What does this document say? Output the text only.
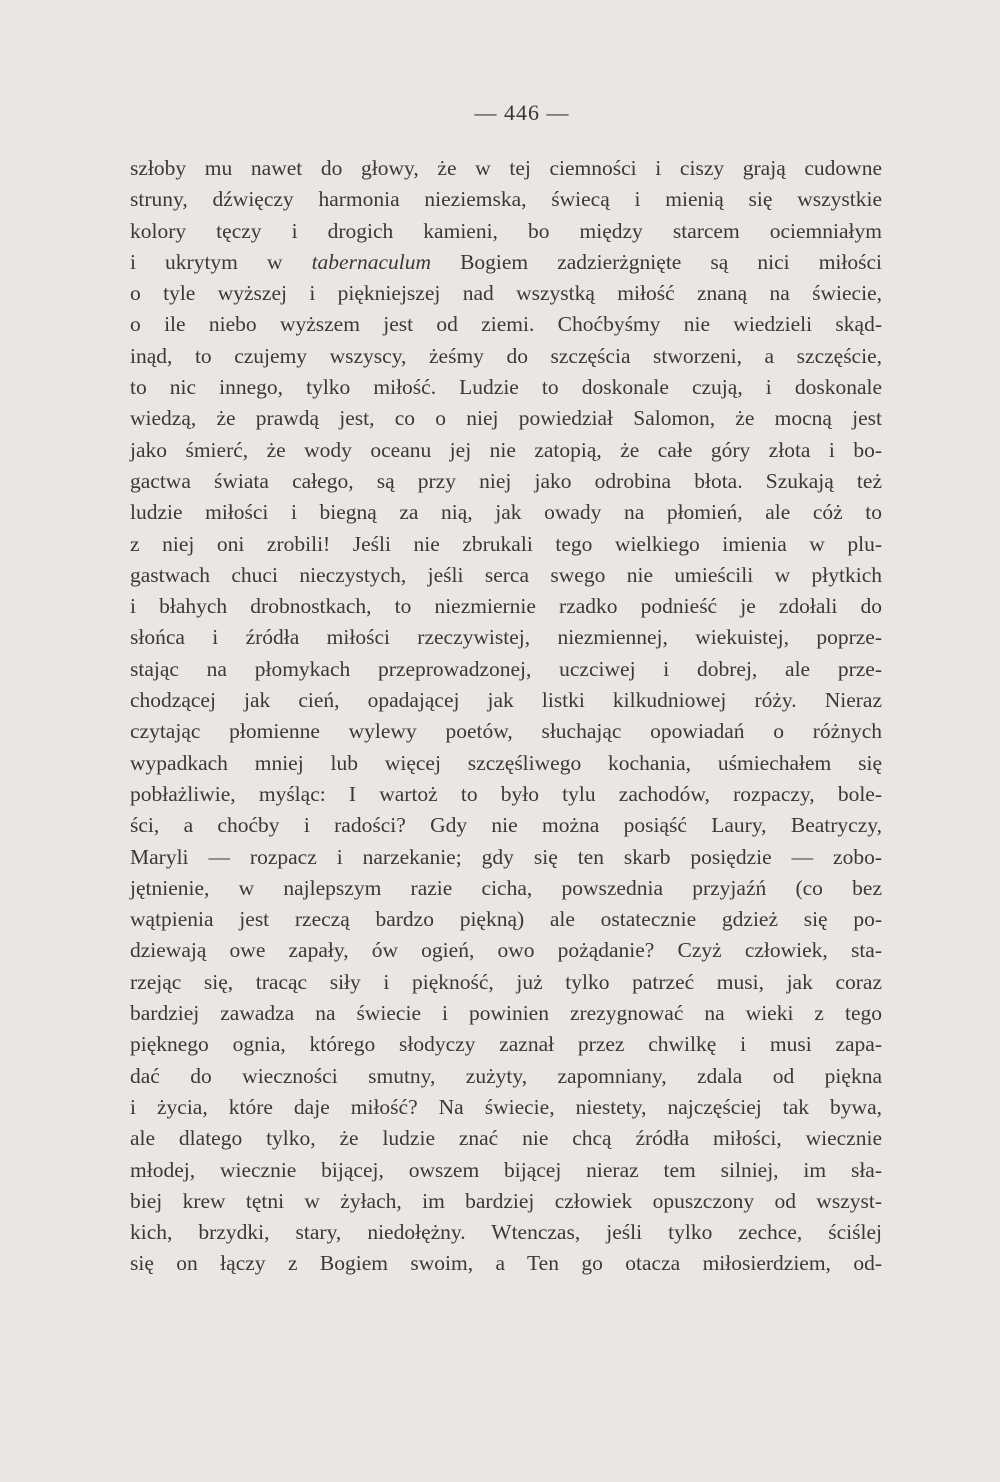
— 446 —
szłoby mu nawet do głowy, że w tej ciemności i ciszy grają cudowne
struny, dźwięczy harmonia nieziemska, świecą i mienią się wszystkie
kolory tęczy i drogich kamieni, bo między starcem ociemniałym
i ukrytym w tabernaculum Bogiem zadzierżgnięte są nici miłości
o tyle wyższej i piękniejszej nad wszystką miłość znaną na świecie,
o ile niebo wyższem jest od ziemi. Choćbyśmy nie wiedzieli skąd-
inąd, to czujemy wszyscy, żeśmy do szczęścia stworzeni, a szczęście,
to nic innego, tylko miłość. Ludzie to doskonale czują, i doskonale
wiedzą, że prawdą jest, co o niej powiedział Salomon, że mocną jest
jako śmierć, że wody oceanu jej nie zatopią, że całe góry złota i bo-
gactwa świata całego, są przy niej jako odrobina błota. Szukają też
ludzie miłości i biegną za nią, jak owady na płomień, ale cóż to
z niej oni zrobili! Jeśli nie zbrukali tego wielkiego imienia w plu-
gastwach chuci nieczystych, jeśli serca swego nie umieścili w płytkich
i błahych drobnostkach, to niezmiernie rzadko podnieść je zdołali do
słońca i źródła miłości rzeczywistej, niezmiennej, wiekuistej, poprze-
stając na płomykach przeprowadzonej, uczciwej i dobrej, ale prze-
chodzącej jak cień, opadającej jak listki kilkudniowej róży. Nieraz
czytając płomienne wylewy poetów, słuchając opowiadań o różnych
wypadkach mniej lub więcej szczęśliwego kochania, uśmiechałem się
pobłażliwie, myśląc: I wartoż to było tylu zachodów, rozpaczy, bole-
ści, a choćby i radości? Gdy nie można posiąść Laury, Beatryczy,
Maryli — rozpacz i narzekanie; gdy się ten skarb posiędzie — zobo-
jętnienie, w najlepszym razie cicha, powszednia przyjaźń (co bez
wątpienia jest rzeczą bardzo piękną) ale ostatecznie gdzież się po-
dziewają owe zapały, ów ogień, owo pożądanie? Czyż człowiek, sta-
rzejąc się, tracąc siły i piękność, już tylko patrzeć musi, jak coraz
bardziej zawadza na świecie i powinien zrezygnować na wieki z tego
pięknego ognia, którego słodyczy zaznał przez chwilkę i musi zapa-
dać do wieczności smutny, zużyty, zapomniany, zdala od piękna
i życia, które daje miłość? Na świecie, niestety, najczęściej tak bywa,
ale dlatego tylko, że ludzie znać nie chcą źródła miłości, wiecznie
młodej, wiecznie bijącej, owszem bijącej nieraz tem silniej, im sła-
biej krew tętni w żyłach, im bardziej człowiek opuszczony od wszyst-
kich, brzydki, stary, niedołężny. Wtenczas, jeśli tylko zechce, ściślej
się on łączy z Bogiem swoim, a Ten go otacza miłosierdziem, od-
